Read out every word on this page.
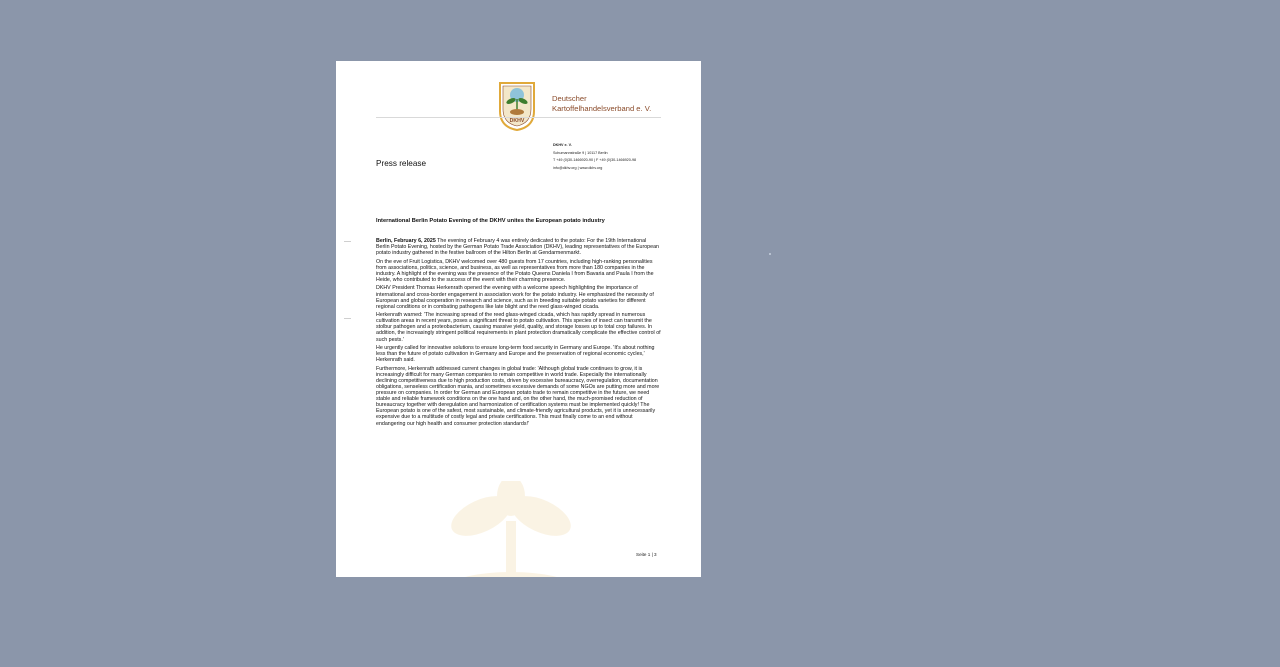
DKHV
Deutscher
Kartoffelhandelsverband e. V.
DKHV e. V.
Schumannstraße 9 | 10117 Berlin
T +49 (0)30-1466920-90 | F +49 (0)30-1466920-98
info@dkhv.org | www.dkhv.org
Press release
International Berlin Potato Evening of the DKHV unites the European potato industry

Berlin, February 6, 2025 The evening of February 4 was entirely dedicated to the potato: For the 19th International Berlin Potato Evening, hosted by the German Potato Trade Association (DKHV), leading representatives of the European potato industry gathered in the festive ballroom of the Hilton Berlin at Gendarmenmarkt.

On the eve of Fruit Logistica, DKHV welcomed over 480 guests from 17 countries, including high-ranking personalities from associations, politics, science, and business, as well as representatives from more than 180 companies in the industry. A highlight of the evening was the presence of the Potato Queens Daniela I from Bavaria and Paula I from the Heide, who contributed to the success of the event with their charming presence.

DKHV President Thomas Herkenrath opened the evening with a welcome speech highlighting the importance of international and cross-border engagement in association work for the potato industry. He emphasized the necessity of European and global cooperation in research and science, such as in breeding suitable potato varieties for different regional conditions or in combating pathogens like late blight and the reed glass-winged cicada.

Herkenrath warned: 'The increasing spread of the reed glass-winged cicada, which has rapidly spread in numerous cultivation areas in recent years, poses a significant threat to potato cultivation. This species of insect can transmit the stolbur pathogen and a proteobacterium, causing massive yield, quality, and storage losses up to total crop failures. In addition, the increasingly stringent political requirements in plant protection dramatically complicate the effective control of such pests.'

He urgently called for innovative solutions to ensure long-term food security in Germany and Europe. 'It's about nothing less than the future of potato cultivation in Germany and Europe and the preservation of regional economic cycles,' Herkenrath said.

Furthermore, Herkenrath addressed current changes in global trade: 'Although global trade continues to grow, it is increasingly difficult for many German companies to remain competitive in world trade. Especially the internationally declining competitiveness due to high production costs, driven by excessive bureaucracy, overregulation, documentation obligations, senseless certification mania, and sometimes excessive demands of some NGOs are putting more and more pressure on companies. In order for German and European potato trade to remain competitive in the future, we need stable and reliable framework conditions on the one hand and, on the other hand, the much-promised reduction of bureaucracy together with deregulation and harmonization of certification systems must be implemented quickly! The European potato is one of the safest, most sustainable, and climate-friendly agricultural products, yet it is unnecessarily expensive due to a multitude of costly legal and private certifications. This must finally come to an end without endangering our high health and consumer protection standards!'

Seite 1 | 3
